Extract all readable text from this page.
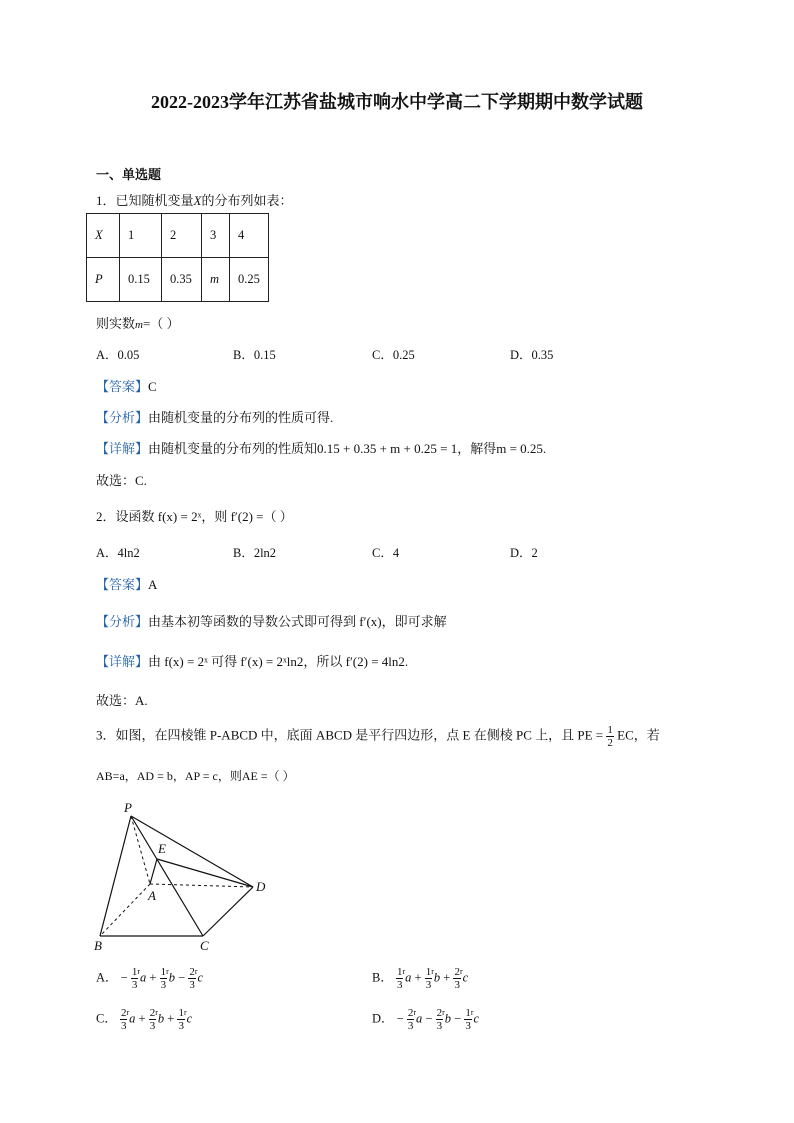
2022-2023学年江苏省盐城市响水中学高二下学期期中数学试题
一、单选题
1．已知随机变量X的分布列如表：
X	1	2	3	4
P	0.15	0.35	m	0.25
则实数m=（ ）
A．0.05	B．0.15	C．0.25	D．0.35
【答案】C
【分析】由随机变量的分布列的性质可得.
【详解】由随机变量的分布列的性质知0.15 + 0.35 + m + 0.25 = 1，解得m = 0.25.
故选：C.
2．设函数 f(x) = 2ˣ，则 f′(2) =（ ）
A．4ln2	B．2ln2	C．4	D．2
【答案】A
【分析】由基本初等函数的导数公式即可得到 f′(x)，即可求解
【详解】由 f(x) = 2ˣ 可得 f′(x) = 2ˣln2，所以 f′(2) = 4ln2.
故选：A.
3．如图，在四棱锥 P-ABCD 中，底面 ABCD 是平行四边形，点 E 在侧棱 PC 上，且 PE = $\frac{1}{2}$ EC，若
AB=a，AD = b，AP = c，则AE =（ ）
P
E
A
D
B	C
A． − $\frac{1}{3} ^ra + \frac{1}{3} ^rb - \frac{2}{3} ^rc$	B． $\frac{1}{3} ^ra + \frac{1}{3} ^rb + \frac{2}{3} ^rc$
C． $\frac{2}{3} ^ra + \frac{2}{3} ^rb + \frac{1}{3} ^rc$	D． − $\frac{2}{3} ^ra - \frac{2}{3} ^rb - \frac{1}{3} ^rc$
